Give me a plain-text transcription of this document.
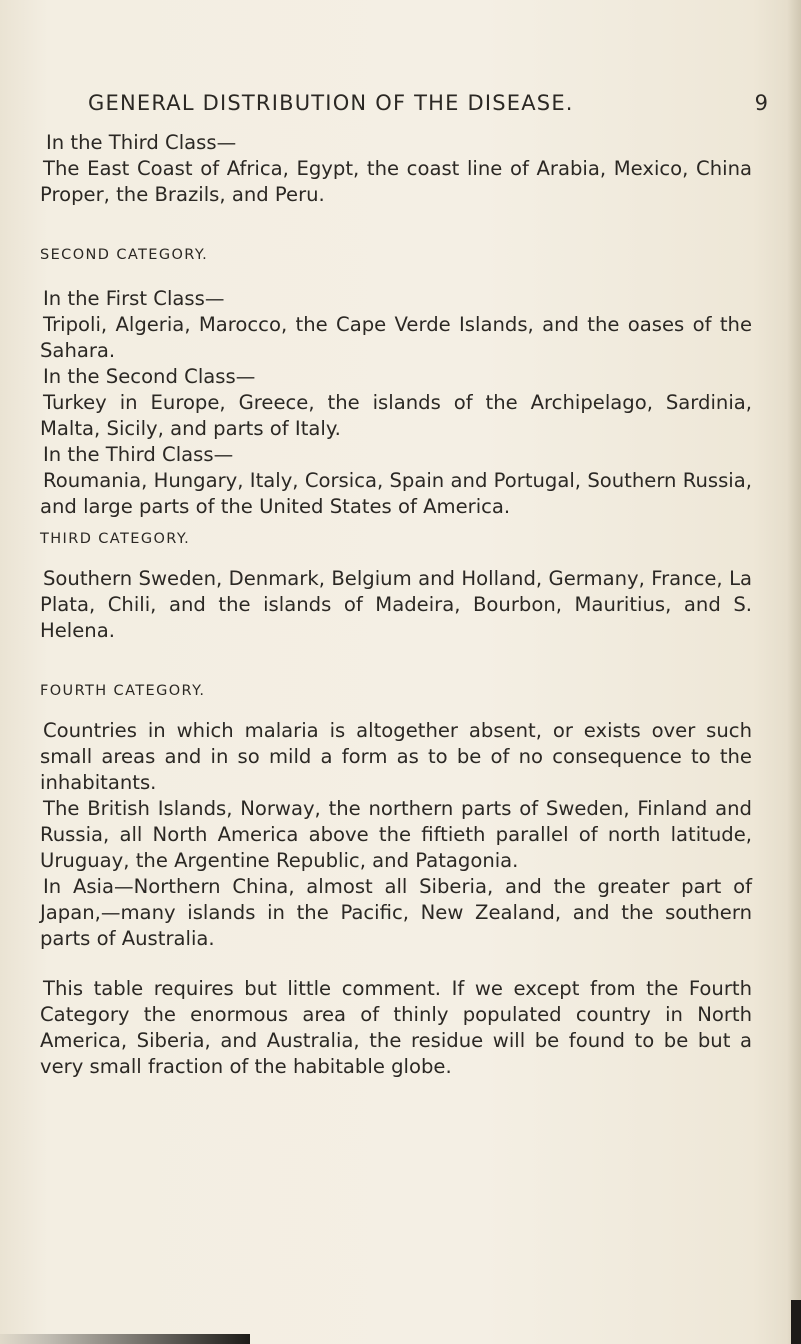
GENERAL DISTRIBUTION OF THE DISEASE.	9

In the Third Class—

The East Coast of Africa, Egypt, the coast line of Arabia, Mexico, China Proper, the Brazils, and Peru.

SECOND CATEGORY.

In the First Class—

Tripoli, Algeria, Marocco, the Cape Verde Islands, and the oases of the Sahara.

In the Second Class—

Turkey in Europe, Greece, the islands of the Archipelago, Sardinia, Malta, Sicily, and parts of Italy.

In the Third Class—

Roumania, Hungary, Italy, Corsica, Spain and Portugal, Southern Russia, and large parts of the United States of America.

THIRD CATEGORY.

Southern Sweden, Denmark, Belgium and Holland, Germany, France, La Plata, Chili, and the islands of Madeira, Bourbon, Mauritius, and S. Helena.

FOURTH CATEGORY.

Countries in which malaria is altogether absent, or exists over such small areas and in so mild a form as to be of no consequence to the inhabitants.

The British Islands, Norway, the northern parts of Sweden, Finland and Russia, all North America above the fiftieth parallel of north latitude, Uruguay, the Argentine Republic, and Patagonia.

In Asia—Northern China, almost all Siberia, and the greater part of Japan,—many islands in the Pacific, New Zealand, and the southern parts of Australia.

This table requires but little comment. If we except from the Fourth Category the enormous area of thinly populated country in North America, Siberia, and Australia, the residue will be found to be but a very small fraction of the habitable globe.
